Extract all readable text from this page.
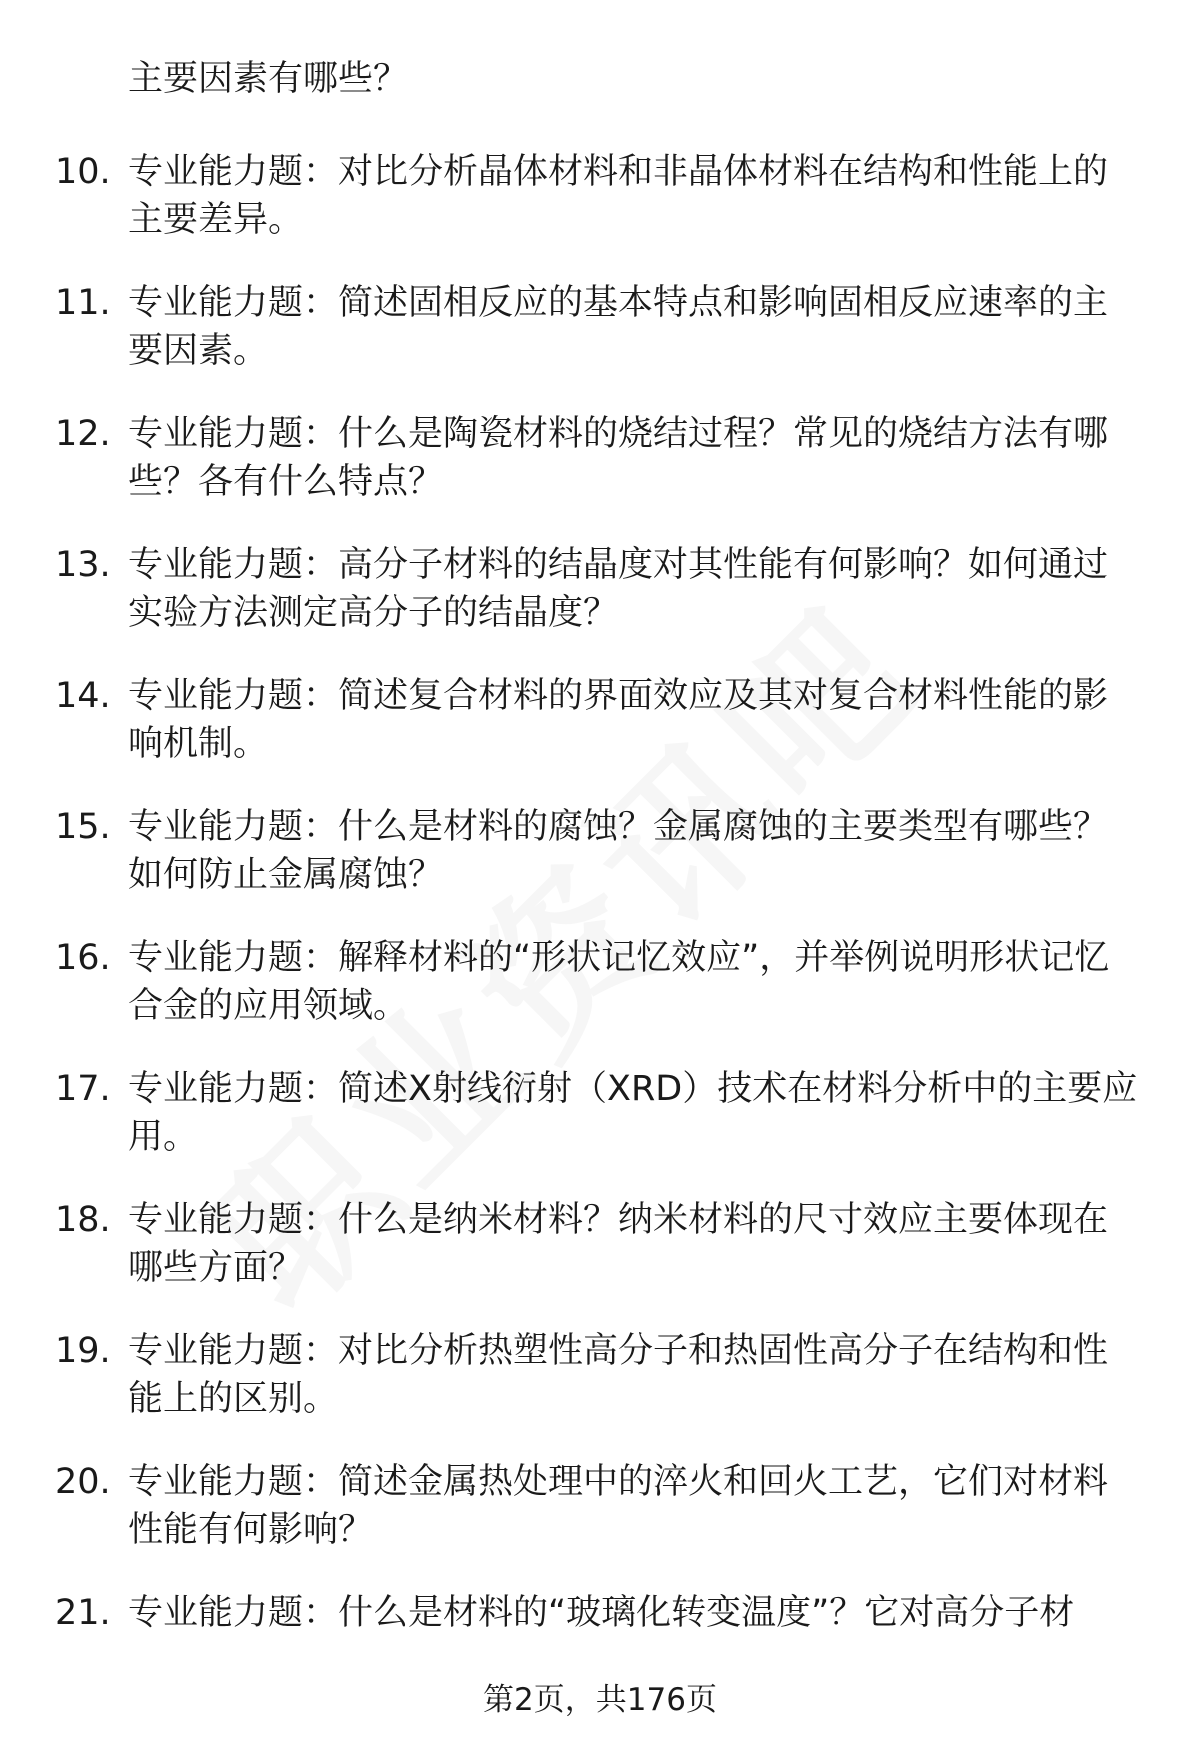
主要因素有哪些？
10. 专业能力题：对比分析晶体材料和非晶体材料在结构和性能上的主要差异。
11. 专业能力题：简述固相反应的基本特点和影响固相反应速率的主要因素。
12. 专业能力题：什么是陶瓷材料的烧结过程？常见的烧结方法有哪些？各有什么特点？
13. 专业能力题：高分子材料的结晶度对其性能有何影响？如何通过实验方法测定高分子的结晶度？
14. 专业能力题：简述复合材料的界面效应及其对复合材料性能的影响机制。
15. 专业能力题：什么是材料的腐蚀？金属腐蚀的主要类型有哪些？如何防止金属腐蚀？
16. 专业能力题：解释材料的“形状记忆效应”，并举例说明形状记忆合金的应用领域。
17. 专业能力题：简述X射线衍射（XRD）技术在材料分析中的主要应用。
18. 专业能力题：什么是纳米材料？纳米材料的尺寸效应主要体现在哪些方面？
19. 专业能力题：对比分析热塑性高分子和热固性高分子在结构和性能上的区别。
20. 专业能力题：简述金属热处理中的淬火和回火工艺，它们对材料性能有何影响？
21. 专业能力题：什么是材料的“玻璃化转变温度”？它对高分子材
第2页，共176页
